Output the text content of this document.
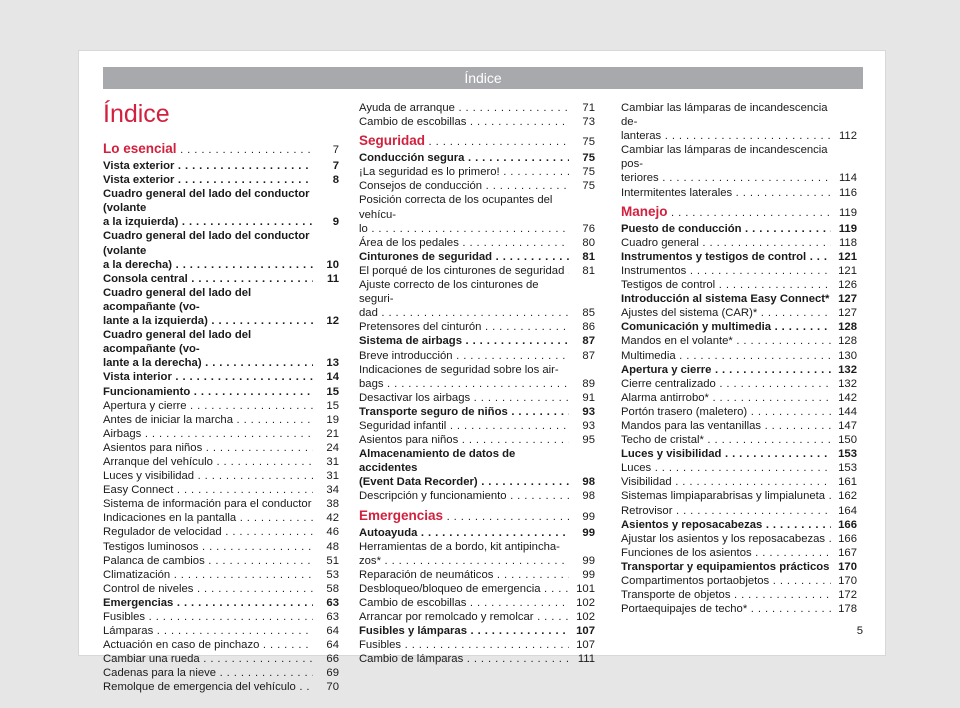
Índice
Índice
Lo esencial . . .	7
Vista exterior . . .	7
Vista exterior . . .	8
Cuadro general del lado del conductor (volante
a la izquierda) . . .	9
Cuadro general del lado del conductor (volante
a la derecha) . . .	10
Consola central . . .	11
Cuadro general del lado del acompañante (vo-
lante a la izquierda) . . .	12
Cuadro general del lado del acompañante (vo-
lante a la derecha) . . .	13
Vista interior . . .	14
Funcionamiento . . .	15
Apertura y cierre . . .	15
Antes de iniciar la marcha . . .	19
Airbags . . .	21
Asientos para niños . . .	24
Arranque del vehículo . . .	31
Luces y visibilidad . . .	31
Easy Connect . . .	34
Sistema de información para el conductor . . .	38
Indicaciones en la pantalla . . .	42
Regulador de velocidad . . .	46
Testigos luminosos . . .	48
Palanca de cambios . . .	51
Climatización . . .	53
Control de niveles . . .	58
Emergencias . . .	63
Fusibles . . .	63
Lámparas . . .	64
Actuación en caso de pinchazo . . .	64
Cambiar una rueda . . .	66
Cadenas para la nieve . . .	69
Remolque de emergencia del vehículo . . .	70
Ayuda de arranque . . .	71
Cambio de escobillas . . .	73
Seguridad . . .	75
Conducción segura . . .	75
¡La seguridad es lo primero! . . .	75
Consejos de conducción . . .	75
Posición correcta de los ocupantes del vehícu-
lo . . .	76
Área de los pedales . . .	80
Cinturones de seguridad . . .	81
El porqué de los cinturones de seguridad . . .	81
Ajuste correcto de los cinturones de seguri-
dad . . .	85
Pretensores del cinturón . . .	86
Sistema de airbags . . .	87
Breve introducción . . .	87
Indicaciones de seguridad sobre los air-
bags . . .	89
Desactivar los airbags . . .	91
Transporte seguro de niños . . .	93
Seguridad infantil . . .	93
Asientos para niños . . .	95
Almacenamiento de datos de accidentes
(Event Data Recorder) . . .	98
Descripción y funcionamiento . . .	98
Emergencias . . .	99
Autoayuda . . .	99
Herramientas de a bordo, kit antipincha-
zos* . . .	99
Reparación de neumáticos . . .	99
Desbloqueo/bloqueo de emergencia . . .	101
Cambio de escobillas . . .	102
Arrancar por remolcado y remolcar . . .	102
Fusibles y lámparas . . .	107
Fusibles . . .	107
Cambio de lámparas . . .	111
Cambiar las lámparas de incandescencia de-
lanteras . . .	112
Cambiar las lámparas de incandescencia pos-
teriores . . .	114
Intermitentes laterales . . .	116
Manejo . . .	119
Puesto de conducción . . .	119
Cuadro general . . .	118
Instrumentos y testigos de control . . .	121
Instrumentos . . .	121
Testigos de control . . .	126
Introducción al sistema Easy Connect* . . . 127
Ajustes del sistema (CAR)* . . .	127
Comunicación y multimedia . . .	128
Mandos en el volante* . . .	128
Multimedia . . .	130
Apertura y cierre . . .	132
Cierre centralizado . . .	132
Alarma antirrobo* . . .	142
Portón trasero (maletero) . . .	144
Mandos para las ventanillas . . .	147
Techo de cristal* . . .	150
Luces y visibilidad . . .	153
Luces . . .	153
Visibilidad . . .	161
Sistemas limpiaparabrisas y limpialuneta . . .	162
Retrovisor . . .	164
Asientos y reposacabezas . . .	166
Ajustar los asientos y los reposacabezas . . .	166
Funciones de los asientos . . .	167
Transportar y equipamientos prácticos . . . 170
Compartimentos portaobjetos . . .	170
Transporte de objetos . . .	172
Portaequipajes de techo* . . .	178
5
